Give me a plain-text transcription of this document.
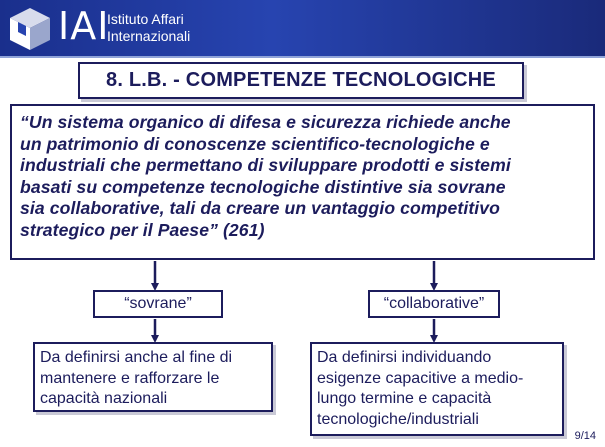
IAI
Istituto Affari
Internazionali
8. L.B. - COMPETENZE TECNOLOGICHE
“Un sistema organico di difesa e sicurezza richiede anche
un patrimonio di conoscenze scientifico-tecnologiche e
industriali che permettano di sviluppare prodotti e sistemi
basati su competenze tecnologiche distintive sia sovrane
sia collaborative, tali da creare un vantaggio competitivo
strategico per il Paese” (261)
“sovrane”	“collaborative”
Da definirsi anche al fine di
mantenere e rafforzare le
capacità nazionali
Da definirsi individuando
esigenze capacitive a medio-
lungo termine e capacità
tecnologiche/industriali
9/14
